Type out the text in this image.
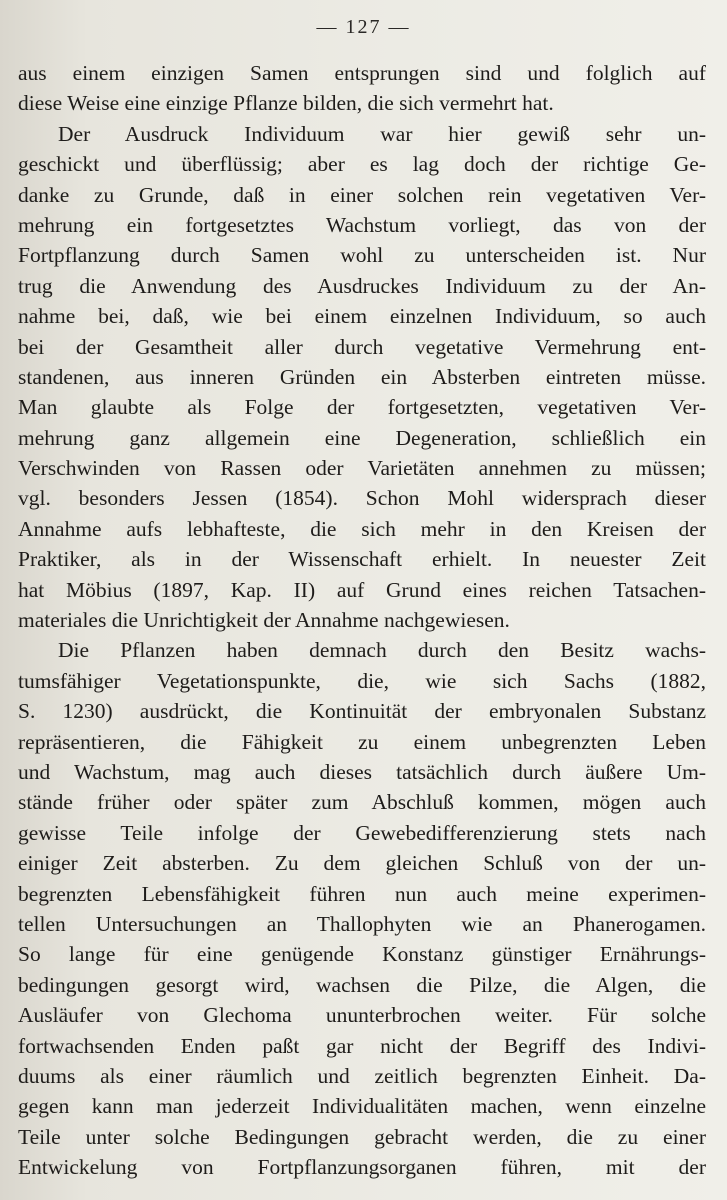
— 127 —
aus einem einzigen Samen entsprungen sind und folglich auf
diese Weise eine einzige Pflanze bilden, die sich vermehrt hat.
Der Ausdruck Individuum war hier gewiß sehr un-
geschickt und überflüssig; aber es lag doch der richtige Ge-
danke zu Grunde, daß in einer solchen rein vegetativen Ver-
mehrung ein fortgesetztes Wachstum vorliegt, das von der
Fortpflanzung durch Samen wohl zu unterscheiden ist. Nur
trug die Anwendung des Ausdruckes Individuum zu der An-
nahme bei, daß, wie bei einem einzelnen Individuum, so auch
bei der Gesamtheit aller durch vegetative Vermehrung ent-
standenen, aus inneren Gründen ein Absterben eintreten müsse.
Man glaubte als Folge der fortgesetzten, vegetativen Ver-
mehrung ganz allgemein eine Degeneration, schließlich ein
Verschwinden von Rassen oder Varietäten annehmen zu müssen;
vgl. besonders Jessen (1854). Schon Mohl widersprach dieser
Annahme aufs lebhafteste, die sich mehr in den Kreisen der
Praktiker, als in der Wissenschaft erhielt. In neuester Zeit
hat Möbius (1897, Kap. II) auf Grund eines reichen Tatsachen-
materiales die Unrichtigkeit der Annahme nachgewiesen.
Die Pflanzen haben demnach durch den Besitz wachs-
tumsfähiger Vegetationspunkte, die, wie sich Sachs (1882,
S. 1230) ausdrückt, die Kontinuität der embryonalen Substanz
repräsentieren, die Fähigkeit zu einem unbegrenzten Leben
und Wachstum, mag auch dieses tatsächlich durch äußere Um-
stände früher oder später zum Abschluß kommen, mögen auch
gewisse Teile infolge der Gewebedifferenzierung stets nach
einiger Zeit absterben. Zu dem gleichen Schluß von der un-
begrenzten Lebensfähigkeit führen nun auch meine experimen-
tellen Untersuchungen an Thallophyten wie an Phanerogamen.
So lange für eine genügende Konstanz günstiger Ernährungs-
bedingungen gesorgt wird, wachsen die Pilze, die Algen, die
Ausläufer von Glechoma ununterbrochen weiter. Für solche
fortwachsenden Enden paßt gar nicht der Begriff des Indivi-
duums als einer räumlich und zeitlich begrenzten Einheit. Da-
gegen kann man jederzeit Individualitäten machen, wenn einzelne
Teile unter solche Bedingungen gebracht werden, die zu einer
Entwickelung von Fortpflanzungsorganen führen, mit der
